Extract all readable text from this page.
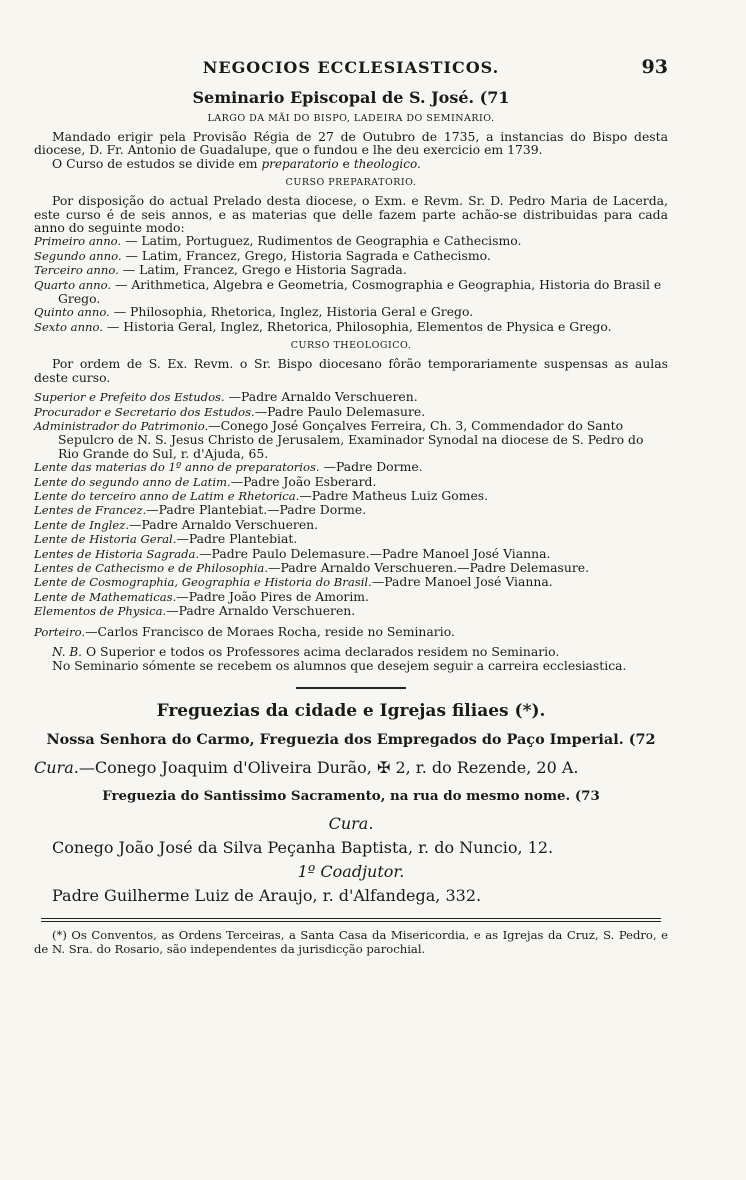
NEGOCIOS ECCLESIASTICOS.	93
Seminario Episcopal de S. José. (71
LARGO DA MÃI DO BISPO, LADEIRA DO SEMINARIO.

Mandado erigir pela Provisão Régia de 27 de Outubro de 1735, a instancias do Bispo desta diocese, D. Fr. Antonio de Guadalupe, que o fundou e lhe deu exercicio em 1739.

O Curso de estudos se divide em preparatorio e theologico.

CURSO PREPARATORIO.

Por disposição do actual Prelado desta diocese, o Exm. e Revm. Sr. D. Pedro Maria de Lacerda, este curso é de seis annos, e as materias que delle fazem parte achão-se distribuidas para cada anno do seguinte modo:

Primeiro anno. — Latim, Portuguez, Rudimentos de Geographia e Cathecismo.

Segundo anno. — Latim, Francez, Grego, Historia Sagrada e Cathecismo.

Terceiro anno. — Latim, Francez, Grego e Historia Sagrada.

Quarto anno. — Arithmetica, Algebra e Geometria, Cosmographia e Geographia, Historia do Brasil e Grego.

Quinto anno. — Philosophia, Rhetorica, Inglez, Historia Geral e Grego.

Sexto anno. — Historia Geral, Inglez, Rhetorica, Philosophia, Elementos de Physica e Grego.

CURSO THEOLOGICO.

Por ordem de S. Ex. Revm. o Sr. Bispo diocesano fôrão temporariamente suspensas as aulas deste curso.

Superior e Prefeito dos Estudos. —Padre Arnaldo Verschueren.

Procurador e Secretario dos Estudos.—Padre Paulo Delemasure.

Administrador do Patrimonio.—Conego José Gonçalves Ferreira, Ch. 3, Commendador do Santo Sepulcro de N. S. Jesus Christo de Jerusalem, Examinador Synodal na diocese de S. Pedro do Rio Grande do Sul, r. d'Ajuda, 65.

Lente das materias do 1º anno de preparatorios. —Padre Dorme.

Lente do segundo anno de Latim.—Padre João Esberard.

Lente do terceiro anno de Latim e Rhetorica.—Padre Matheus Luiz Gomes.

Lentes de Francez.—Padre Plantebiat.—Padre Dorme.

Lente de Inglez.—Padre Arnaldo Verschueren.

Lente de Historia Geral.—Padre Plantebiat.

Lentes de Historia Sagrada.—Padre Paulo Delemasure.—Padre Manoel José Vianna.

Lentes de Cathecismo e de Philosophia.—Padre Arnaldo Verschueren.—Padre Delemasure.

Lente de Cosmographia, Geographia e Historia do Brasil.—Padre Manoel José Vianna.

Lente de Mathematicas.—Padre João Pires de Amorim.

Elementos de Physica.—Padre Arnaldo Verschueren.

Porteiro.—Carlos Francisco de Moraes Rocha, reside no Seminario.

N. B. O Superior e todos os Professores acima declarados residem no Seminario.

No Seminario sómente se recebem os alumnos que desejem seguir a carreira ecclesiastica.

Freguezias da cidade e Igrejas filiaes (*).
Nossa Senhora do Carmo, Freguezia dos Empregados do Paço Imperial. (72

Cura.—Conego Joaquim d'Oliveira Durão, ✠ 2, r. do Rezende, 20 A.

Freguezia do Santissimo Sacramento, na rua do mesmo nome. (73

Cura.

Conego João José da Silva Peçanha Baptista, r. do Nuncio, 12.

1º Coadjutor.

Padre Guilherme Luiz de Araujo, r. d'Alfandega, 332.

(*) Os Conventos, as Ordens Terceiras, a Santa Casa da Misericordia, e as Igrejas da Cruz, S. Pedro, e de N. Sra. do Rosario, são independentes da jurisdicção parochial.
